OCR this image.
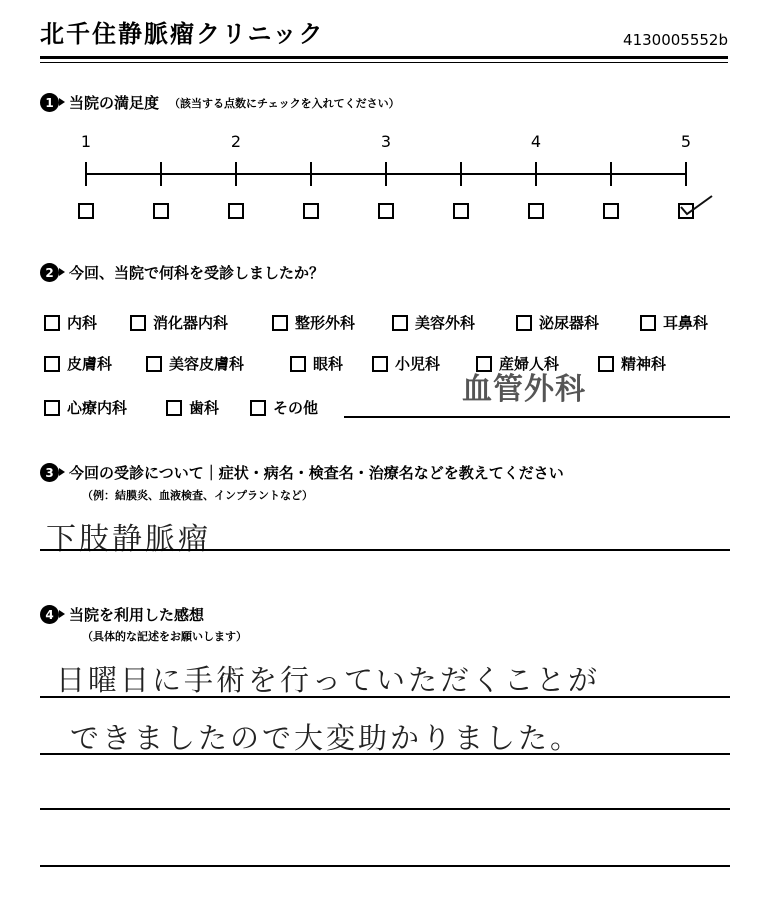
北千住静脈瘤クリニック	4130005552b
1	当院の満足度 （該当する点数にチェックを入れてください）
1	2	3	4	5
2	今回、当院で何科を受診しましたか？
内科	消化器内科	整形外科	美容外科	泌尿器科	耳鼻科
皮膚科	美容皮膚科	眼科	小児科	産婦人科	精神科
心療内科	歯科	その他
血管外科
3	今回の受診について｜症状・病名・検査名・治療名などを教えてください
（例：結膜炎、血液検査、インプラントなど）
下肢静脈瘤
4	当院を利用した感想
（具体的な記述をお願いします）
日曜日に手術を行っていただくことが
できましたので大変助かりました。
